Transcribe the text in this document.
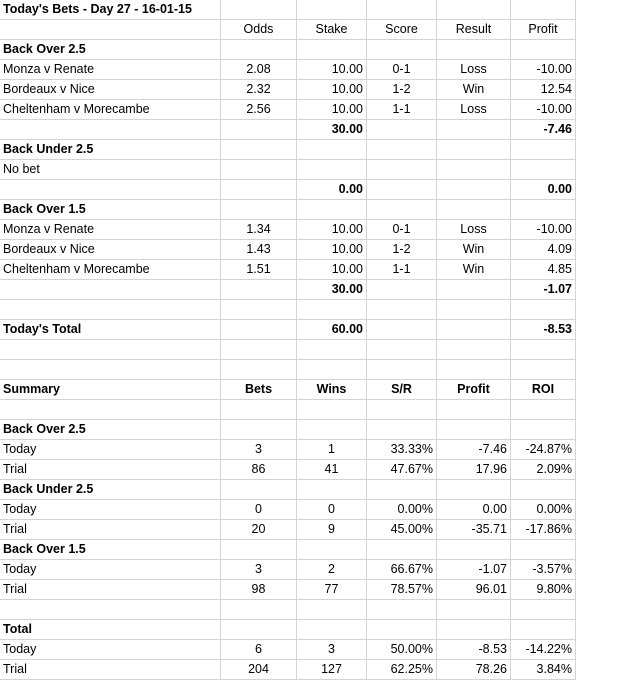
Today's Bets - Day 27 - 16-01-15					
	Odds	Stake	Score	Result	Profit
Back Over 2.5					
Monza v Renate	2.08	10.00	0-1	Loss	-10.00
Bordeaux v Nice	2.32	10.00	1-2	Win	12.54
Cheltenham v Morecambe	2.56	10.00	1-1	Loss	-10.00
		30.00			-7.46
Back Under 2.5					
No bet					
		0.00			0.00
Back Over 1.5					
Monza v Renate	1.34	10.00	0-1	Loss	-10.00
Bordeaux v Nice	1.43	10.00	1-2	Win	4.09
Cheltenham v Morecambe	1.51	10.00	1-1	Win	4.85
		30.00			-1.07

Today's Total		60.00			-8.53

Summary	Bets	Wins	S/R	Profit	ROI

Back Over 2.5					
Today	3	1	33.33%	-7.46	-24.87%
Trial	86	41	47.67%	17.96	2.09%
Back Under 2.5					
Today	0	0	0.00%	0.00	0.00%
Trial	20	9	45.00%	-35.71	-17.86%
Back Over 1.5					
Today	3	2	66.67%	-1.07	-3.57%
Trial	98	77	78.57%	96.01	9.80%

Total					
Today	6	3	50.00%	-8.53	-14.22%
Trial	204	127	62.25%	78.26	3.84%
